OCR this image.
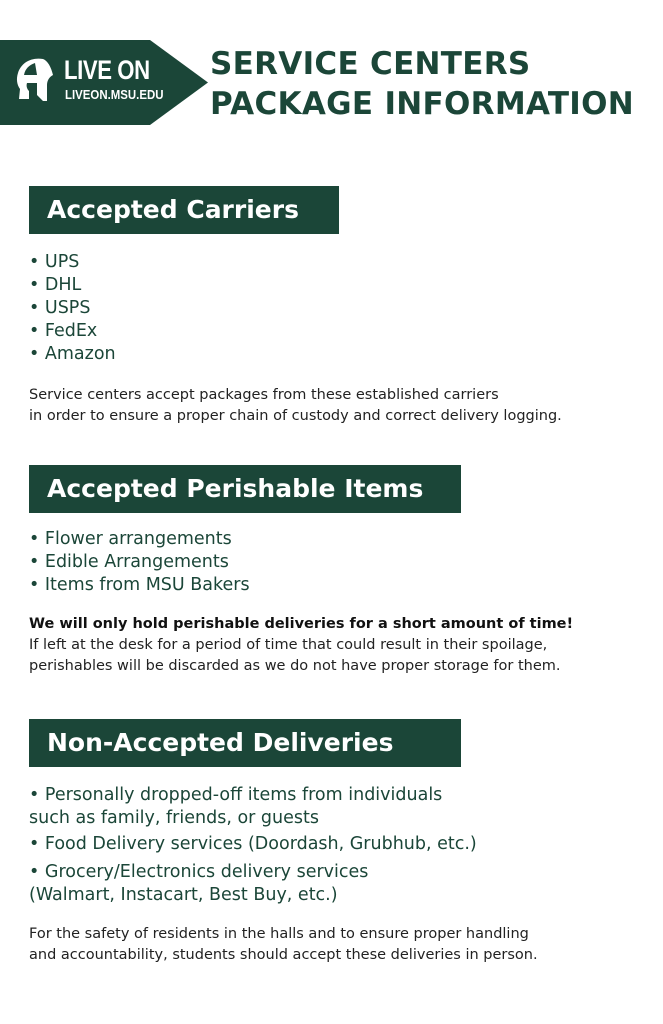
LIVE ON
LIVEON.MSU.EDU
SERVICE CENTERS
PACKAGE INFORMATION
Accepted Carriers
• UPS
• DHL
• USPS
• FedEx
• Amazon
Service centers accept packages from these established carriers
in order to ensure a proper chain of custody and correct delivery logging.
Accepted Perishable Items
• Flower arrangements
• Edible Arrangements
• Items from MSU Bakers
We will only hold perishable deliveries for a short amount of time!
If left at the desk for a period of time that could result in their spoilage,
perishables will be discarded as we do not have proper storage for them.
Non-Accepted Deliveries
• Personally dropped-off items from individuals
such as family, friends, or guests
• Food Delivery services (Doordash, Grubhub, etc.)
• Grocery/Electronics delivery services
(Walmart, Instacart, Best Buy, etc.)
For the safety of residents in the halls and to ensure proper handling
and accountability, students should accept these deliveries in person.
